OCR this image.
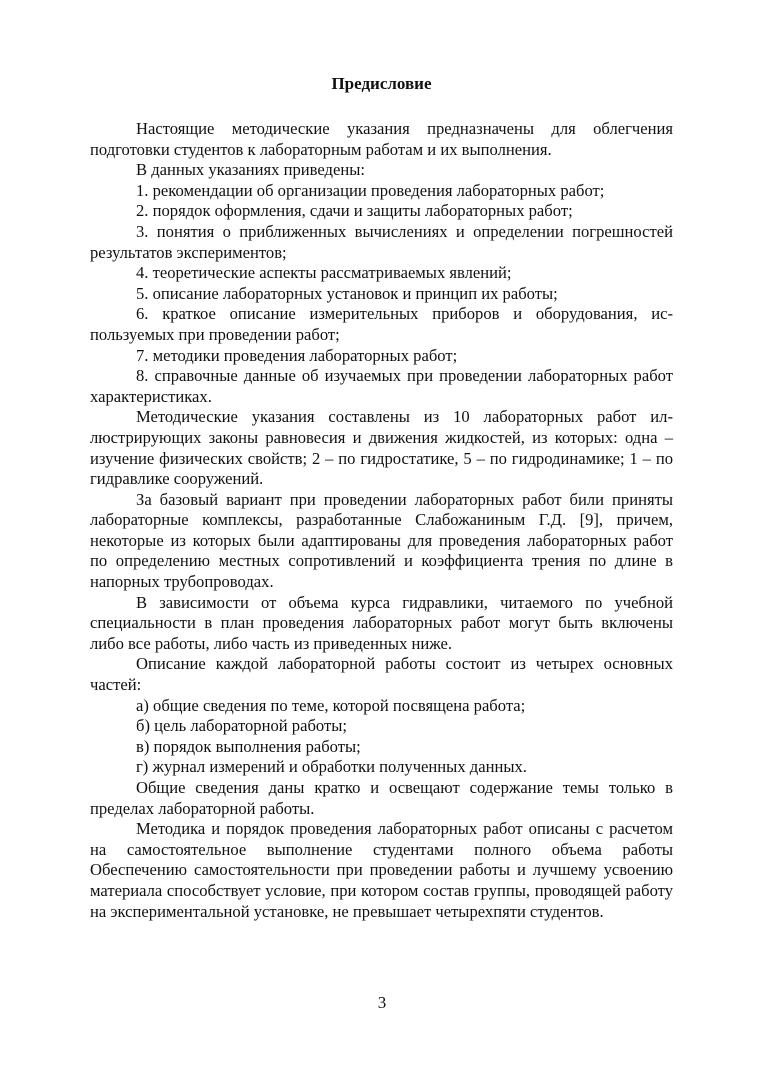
Предисловие

Настоящие методические указания предназначены для облегчения подготовки студентов к лабораторным работам и их выполнения.

В данных указаниях приведены:

1. рекомендации об организации проведения лабораторных работ;

2. порядок оформления, сдачи и защиты лабораторных работ;

3. понятия о приближенных вычислениях и определении погрешностей результатов экспериментов;

4. теоретические аспекты рассматриваемых явлений;

5. описание лабораторных установок и принцип их работы;

6. краткое описание измерительных приборов и оборудования, используемых при проведении работ;

7. методики проведения лабораторных работ;

8. справочные данные об изучаемых при проведении лабораторных работ характеристиках.

Методические указания составлены из 10 лабораторных работ иллюстрирующих законы равновесия и движения жидкостей, из которых: одна – изучение физических свойств; 2 – по гидростатике, 5 – по гидродинамике; 1 – по гидравлике сооружений.

За базовый вариант при проведении лабораторных работ били приняты лабораторные комплексы, разработанные Слабожаниным Г.Д. [9], причем, некоторые из которых были адаптированы для проведения лабораторных работ по определению местных сопротивлений и коэффициента трения по длине в напорных трубопроводах.

В зависимости от объема курса гидравлики, читаемого по учебной специальности в план проведения лабораторных работ могут быть включены либо все работы, либо часть из приведенных ниже.

Описание каждой лабораторной работы состоит из четырех основных частей:

а) общие сведения по теме, которой посвящена работа;

б) цель лабораторной работы;

в) порядок выполнения работы;

г) журнал измерений и обработки полученных данных.

Общие сведения даны кратко и освещают содержание темы только в пределах лабораторной работы.

Методика и порядок проведения лабораторных работ описаны с расчетом на самостоятельное выполнение студентами полного объема работы Обеспечению самостоятельности при проведении работы и лучшему усвоению материала способствует условие, при котором состав группы, проводящей работу на экспериментальной установке, не превышает четырехпяти студентов.

3
